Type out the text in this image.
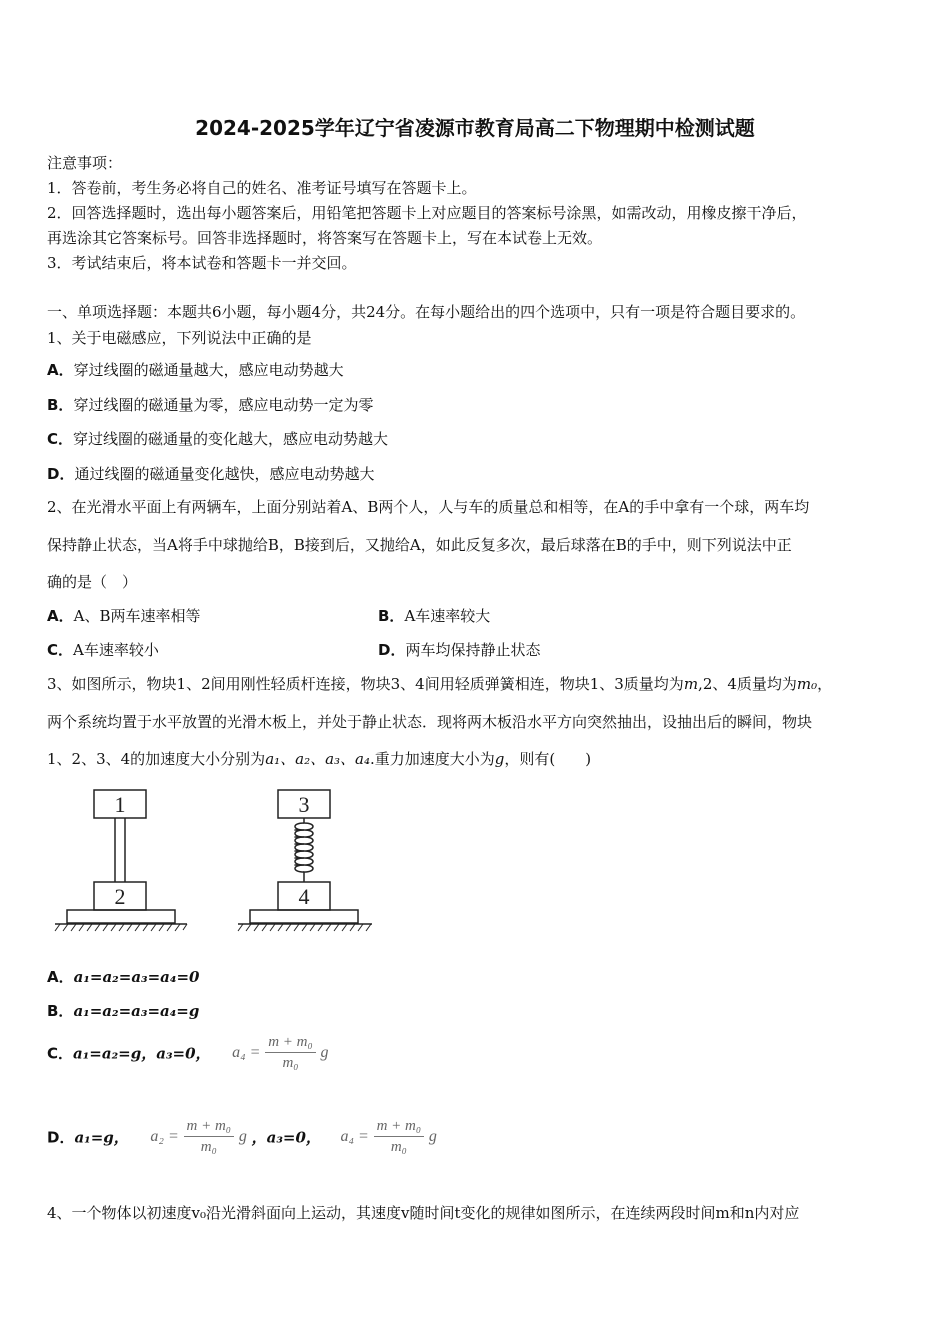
2024-2025学年辽宁省凌源市教育局高二下物理期中检测试题
注意事项：
1．答卷前，考生务必将自己的姓名、准考证号填写在答题卡上。
2．回答选择题时，选出每小题答案后，用铅笔把答题卡上对应题目的答案标号涂黑，如需改动，用橡皮擦干净后，
再选涂其它答案标号。回答非选择题时，将答案写在答题卡上，写在本试卷上无效。
3．考试结束后，将本试卷和答题卡一并交回。
一、单项选择题：本题共6小题，每小题4分，共24分。在每小题给出的四个选项中，只有一项是符合题目要求的。
1、关于电磁感应，下列说法中正确的是
A．穿过线圈的磁通量越大，感应电动势越大
B．穿过线圈的磁通量为零，感应电动势一定为零
C．穿过线圈的磁通量的变化越大，感应电动势越大
D．通过线圈的磁通量变化越快，感应电动势越大
2、在光滑水平面上有两辆车，上面分别站着A、B两个人，人与车的质量总和相等，在A的手中拿有一个球，两车均
保持静止状态，当A将手中球抛给B，B接到后，又抛给A，如此反复多次，最后球落在B的手中，则下列说法中正
确的是（　）
A．A、B两车速率相等	B．A车速率较大
C．A车速率较小	D．两车均保持静止状态
3、如图所示，物块1、2间用刚性轻质杆连接，物块3、4间用轻质弹簧相连，物块1、3质量均为m,2、4质量均为m₀，
两个系统均置于水平放置的光滑木板上，并处于静止状态．现将两木板沿水平方向突然抽出，设抽出后的瞬间，物块
1、2、3、4的加速度大小分别为a₁、a₂、a₃、a₄.重力加速度大小为g，则有(　　)
1
2
3
4
A．a₁=a₂=a₃=a₄=0
B．a₁=a₂=a₃=a₄=g
C．a₁=a₂=g，a₃=0， $a_4 = \frac{\text{m + m₀}}{\text{m₀}}$ g
D．a₁=g， $a_2 = \frac{\text{m + m₀}}{\text{m₀}}$ g ，a₃=0， $a_4 = \frac{\text{m + m₀}}{\text{m₀}}$ g
4、一个物体以初速度v₀沿光滑斜面向上运动，其速度v随时间t变化的规律如图所示，在连续两段时间m和n内对应
